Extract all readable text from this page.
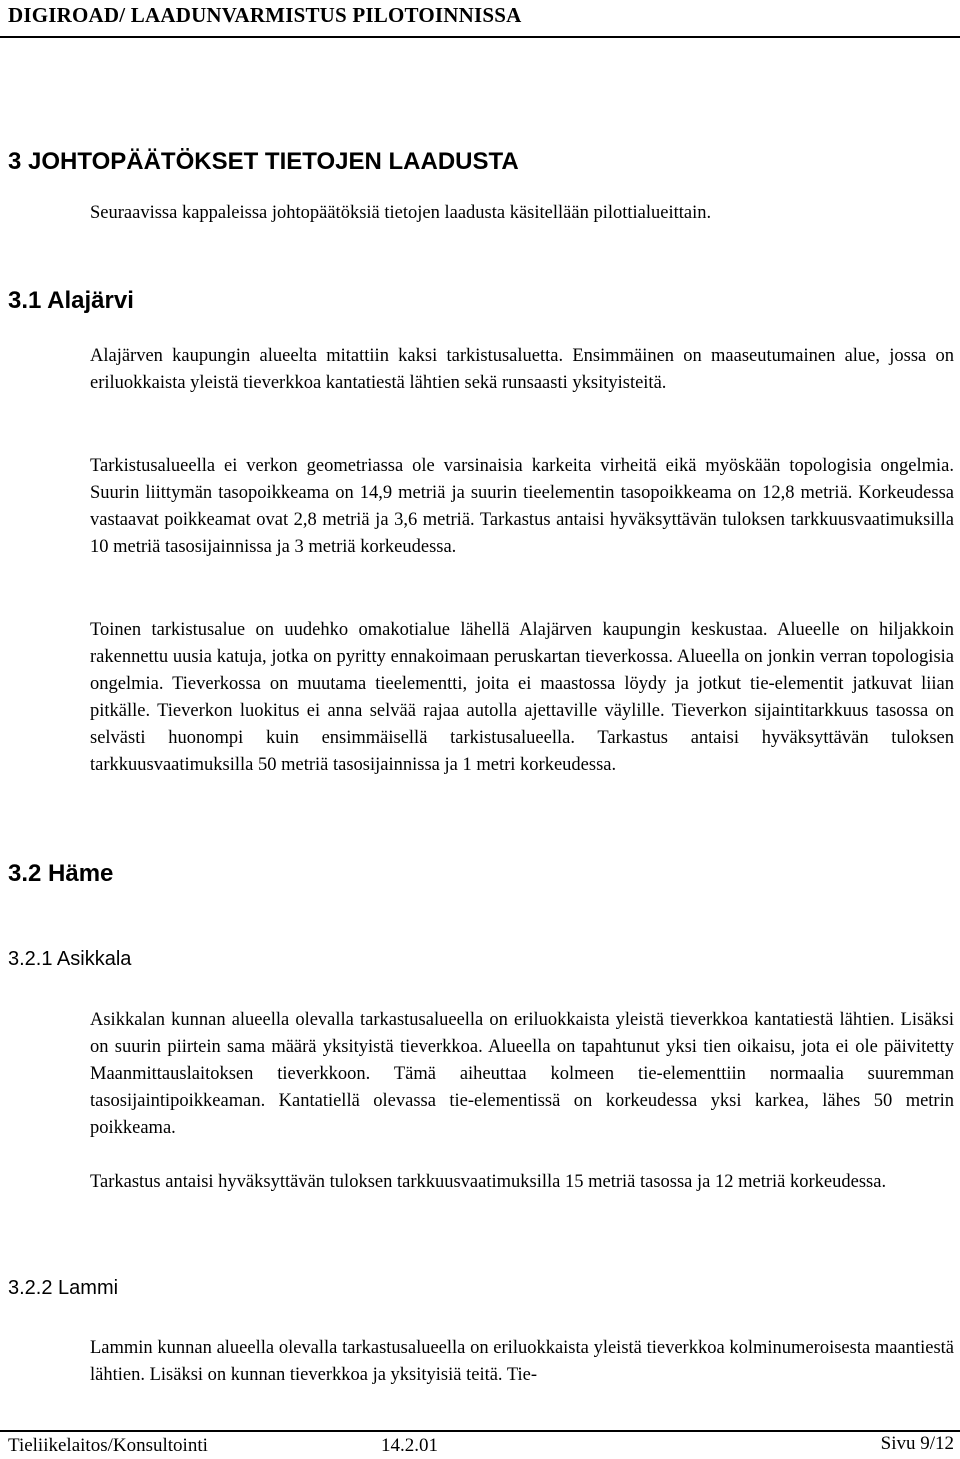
DIGIROAD/ LAADUNVARMISTUS PILOTOINNISSA
3 JOHTOPÄÄTÖKSET TIETOJEN LAADUSTA

Seuraavissa kappaleissa johtopäätöksiä tietojen laadusta käsitellään pilottialueittain.

3.1 Alajärvi

Alajärven kaupungin alueelta mitattiin kaksi tarkistusaluetta. Ensimmäinen on maaseutumainen alue, jossa on eriluokkaista yleistä tieverkkoa kantatiestä lähtien sekä runsaasti yksityisteitä.

Tarkistusalueella ei verkon geometriassa ole varsinaisia karkeita virheitä eikä myöskään topologisia ongelmia. Suurin liittymän tasopoikkeama on 14,9 metriä ja suurin tieelementin tasopoikkeama on 12,8 metriä. Korkeudessa vastaavat poikkeamat ovat 2,8 metriä ja 3,6 metriä. Tarkastus antaisi hyväksyttävän tuloksen tarkkuusvaatimuksilla 10 metriä tasosijainnissa ja 3 metriä korkeudessa.

Toinen tarkistusalue on uudehko omakotialue lähellä Alajärven kaupungin keskustaa. Alueelle on hiljakkoin rakennettu uusia katuja, jotka on pyritty ennakoimaan peruskartan tieverkossa. Alueella on jonkin verran topologisia ongelmia. Tieverkossa on muutama tieelementti, joita ei maastossa löydy ja jotkut tie-elementit jatkuvat liian pitkälle. Tieverkon luokitus ei anna selvää rajaa autolla ajettaville väylille. Tieverkon sijaintitarkkuus tasossa on selvästi huonompi kuin ensimmäisellä tarkistusalueella. Tarkastus antaisi hyväksyttävän tuloksen tarkkuusvaatimuksilla 50 metriä tasosijainnissa ja 1 metri korkeudessa.

3.2 Häme
3.2.1 Asikkala

Asikkalan kunnan alueella olevalla tarkastusalueella on eriluokkaista yleistä tieverkkoa kantatiestä lähtien. Lisäksi on suurin piirtein sama määrä yksityistä tieverkkoa. Alueella on tapahtunut yksi tien oikaisu, jota ei ole päivitetty Maanmittauslaitoksen tieverkkoon. Tämä aiheuttaa kolmeen tie-elementtiin normaalia suuremman tasosijaintipoikkeaman. Kantatiellä olevassa tie-elementissä on korkeudessa yksi karkea, lähes 50 metrin poikkeama.

Tarkastus antaisi hyväksyttävän tuloksen tarkkuusvaatimuksilla 15 metriä tasossa ja 12 metriä korkeudessa.

3.2.2 Lammi

Lammin kunnan alueella olevalla tarkastusalueella on eriluokkaista yleistä tieverkkoa kolminumeroisesta maantiestä lähtien. Lisäksi on kunnan tieverkkoa ja yksityisiä teitä. Tie-

Tieliikelaitos/Konsultointi	14.2.01	Sivu 9/12
